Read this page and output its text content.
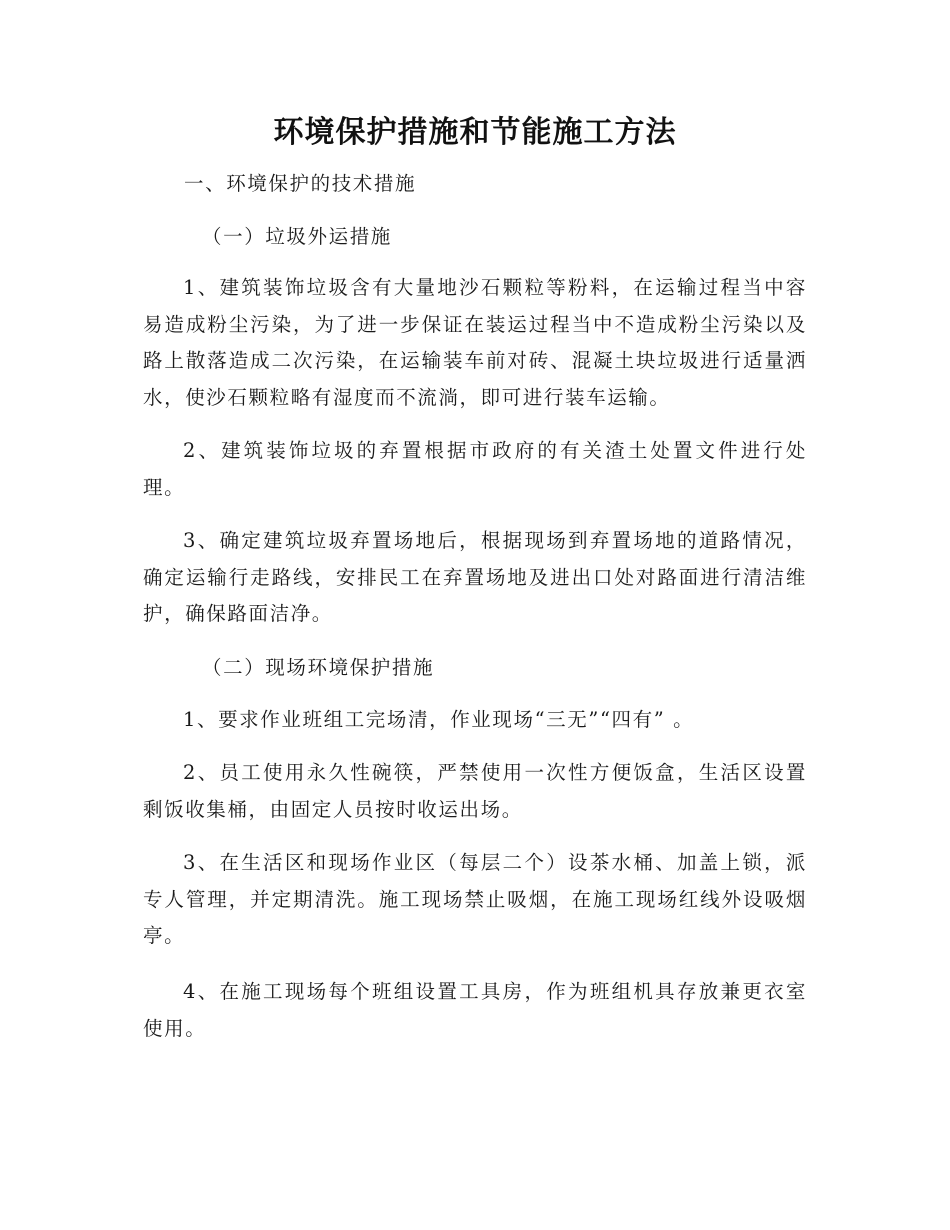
环境保护措施和节能施工方法

一、环境保护的技术措施

（一）垃圾外运措施

1、建筑装饰垃圾含有大量地沙石颗粒等粉料，在运输过程当中容易造成粉尘污染，为了进一步保证在装运过程当中不造成粉尘污染以及路上散落造成二次污染，在运输装车前对砖、混凝土块垃圾进行适量洒水，使沙石颗粒略有湿度而不流淌，即可进行装车运输。

2、建筑装饰垃圾的弃置根据市政府的有关渣土处置文件进行处理。

3、确定建筑垃圾弃置场地后，根据现场到弃置场地的道路情况，确定运输行走路线，安排民工在弃置场地及进出口处对路面进行清洁维护，确保路面洁净。

（二）现场环境保护措施

1、要求作业班组工完场清，作业现场“三无”“四有” 。

2、员工使用永久性碗筷，严禁使用一次性方便饭盒，生活区设置剩饭收集桶，由固定人员按时收运出场。

3、在生活区和现场作业区（每层二个）设茶水桶、加盖上锁，派专人管理，并定期清洗。施工现场禁止吸烟，在施工现场红线外设吸烟亭。

4、在施工现场每个班组设置工具房，作为班组机具存放兼更衣室使用。
